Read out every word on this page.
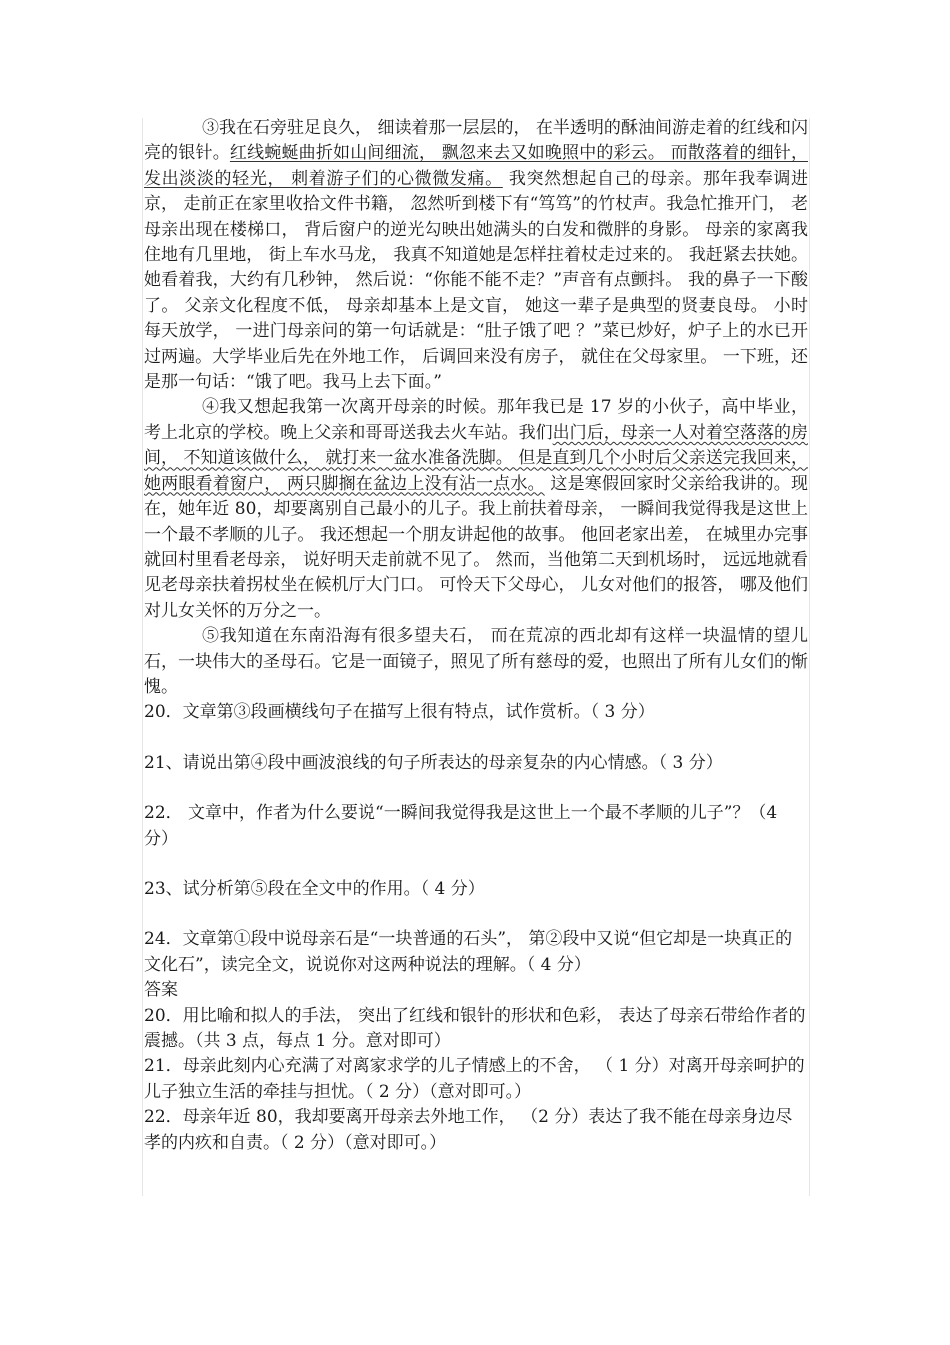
③我在石旁驻足良久， 细读着那一层层的， 在半透明的酥油间游走着的红线和闪亮的银针。红线蜿蜒曲折如山间细流， 飘忽来去又如晚照中的彩云。 而散落着的细针， 发出淡淡的轻光， 刺着游子们的心微微发痛。 我突然想起自己的母亲。那年我奉调进京， 走前正在家里收拾文件书籍， 忽然听到楼下有“笃笃”的竹杖声。我急忙推开门， 老母亲出现在楼梯口， 背后窗户的逆光勾映出她满头的白发和微胖的身影。 母亲的家离我住地有几里地， 街上车水马龙， 我真不知道她是怎样拄着杖走过来的。 我赶紧去扶她。她看着我，大约有几秒钟， 然后说：“你能不能不走？”声音有点颤抖。 我的鼻子一下酸了。 父亲文化程度不低， 母亲却基本上是文盲， 她这一辈子是典型的贤妻良母。 小时每天放学， 一进门母亲问的第一句话就是：“肚子饿了吧 ？”菜已炒好，炉子上的水已开过两遍。大学毕业后先在外地工作， 后调回来没有房子， 就住在父母家里。 一下班，还是那一句话：“饿了吧。我马上去下面。”

④我又想起我第一次离开母亲的时候。那年我已是 17 岁的小伙子，高中毕业，考上北京的学校。晚上父亲和哥哥送我去火车站。我们出门后，母亲一人对着空落落的房间， 不知道该做什么， 就打来一盆水准备洗脚。 但是直到几个小时后父亲送完我回来， 她两眼看着窗户， 两只脚搁在盆边上没有沾一点水。 这是寒假回家时父亲给我讲的。现在，她年近 80，却要离别自己最小的儿子。我上前扶着母亲， 一瞬间我觉得我是这世上一个最不孝顺的儿子。 我还想起一个朋友讲起他的故事。 他回老家出差， 在城里办完事就回村里看老母亲， 说好明天走前就不见了。 然而，当他第二天到机场时， 远远地就看见老母亲扶着拐杖坐在候机厅大门口。 可怜天下父母心， 儿女对他们的报答， 哪及他们对儿女关怀的万分之一。

⑤我知道在东南沿海有很多望夫石， 而在荒凉的西北却有这样一块温情的望儿石，一块伟大的圣母石。它是一面镜子，照见了所有慈母的爱，也照出了所有儿女们的惭愧。

20．文章第③段画横线句子在描写上很有特点，试作赏析。（ 3 分）

21、请说出第④段中画波浪线的句子所表达的母亲复杂的内心情感。（ 3 分）

22． 文章中，作者为什么要说“一瞬间我觉得我是这世上一个最不孝顺的儿子”？（4 分）

23、试分析第⑤段在全文中的作用。（ 4 分）

24．文章第①段中说母亲石是“一块普通的石头”， 第②段中又说“但它却是一块真正的文化石”，读完全文，说说你对这两种说法的理解。（ 4 分）

答案

20．用比喻和拟人的手法， 突出了红线和银针的形状和色彩， 表达了母亲石带给作者的震撼。（共 3 点，每点 1 分。意对即可）

21．母亲此刻内心充满了对离家求学的儿子情感上的不舍， （ 1 分）对离开母亲呵护的儿子独立生活的牵挂与担忧。（ 2 分）（意对即可。）

22．母亲年近 80，我却要离开母亲去外地工作， （2 分）表达了我不能在母亲身边尽孝的内疚和自责。（ 2 分）（意对即可。）
